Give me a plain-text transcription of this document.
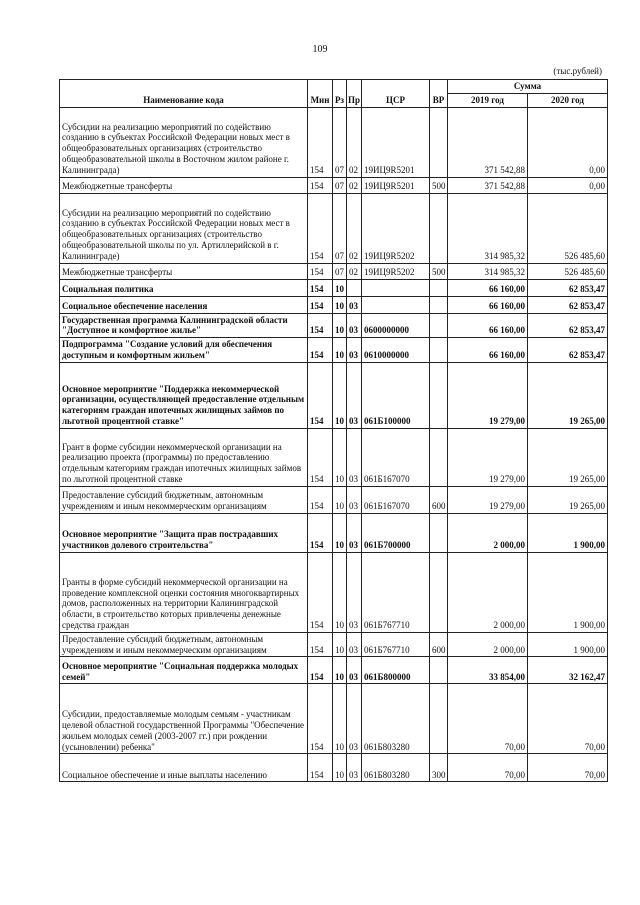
109
(тыс.рублей)
Наименование кода	Мин	Рз	Пр	ЦСР	ВР	Сумма	
						2019 год	2020 год
Субсидии на реализацию мероприятий по содействию созданию в субъектах Российской Федерации новых мест в общеобразовательных организациях (строительство общеобразовательной школы в Восточном жилом районе г. Калининграда)	154	07	02	19ИЦ9R5201		371 542,88	0,00
Межбюджетные трансферты	154	07	02	19ИЦ9R5201	500	371 542,88	0,00
Субсидии на реализацию мероприятий по содействию созданию в субъектах Российской Федерации новых мест в общеобразовательных организациях (строительство общеобразовательной школы по ул. Артиллерийской в г. Калининграде)	154	07	02	19ИЦ9R5202		314 985,32	526 485,60
Межбюджетные трансферты	154	07	02	19ИЦ9R5202	500	314 985,32	526 485,60
Социальная политика	154	10				66 160,00	62 853,47
Социальное обеспечение населения	154	10	03			66 160,00	62 853,47
Государственная программа Калининградской области "Доступное и комфортное жилье"	154	10	03	0600000000		66 160,00	62 853,47
Подпрограмма "Создание условий для обеспечения доступным и комфортным жильем"	154	10	03	0610000000		66 160,00	62 853,47
Основное мероприятие "Поддержка некоммерческой организации, осуществляющей предоставление отдельным категориям граждан ипотечных жилищных займов по льготной процентной ставке"	154	10	03	061Б100000		19 279,00	19 265,00
Грант в форме субсидии некоммерческой организации на реализацию проекта (программы) по предоставлению отдельным категориям граждан ипотечных жилищных займов по льготной процентной ставке	154	10	03	061Б167070		19 279,00	19 265,00
Предоставление субсидий бюджетным, автономным учреждениям и иным некоммерческим организациям	154	10	03	061Б167070	600	19 279,00	19 265,00
Основное мероприятие "Защита прав пострадавших участников долевого строительства"	154	10	03	061Б700000		2 000,00	1 900,00
Гранты в форме субсидий некоммерческой организации на проведение комплексной оценки состояния многоквартирных домов, расположенных на территории Калининградской области, в строительство которых привлечены денежные средства граждан	154	10	03	061Б767710		2 000,00	1 900,00
Предоставление субсидий бюджетным, автономным учреждениям и иным некоммерческим организациям	154	10	03	061Б767710	600	2 000,00	1 900,00
Основное мероприятие "Социальная поддержка молодых семей"	154	10	03	061Б800000		33 854,00	32 162,47
Субсидии, предоставляемые молодым семьям - участникам целевой областной государственной Программы "Обеспечение жильем молодых семей (2003-2007 гг.) при рождении (усыновлении) ребенка"	154	10	03	061Б803280		70,00	70,00
Социальное обеспечение и иные выплаты населению	154	10	03	061Б803280	300	70,00	70,00
